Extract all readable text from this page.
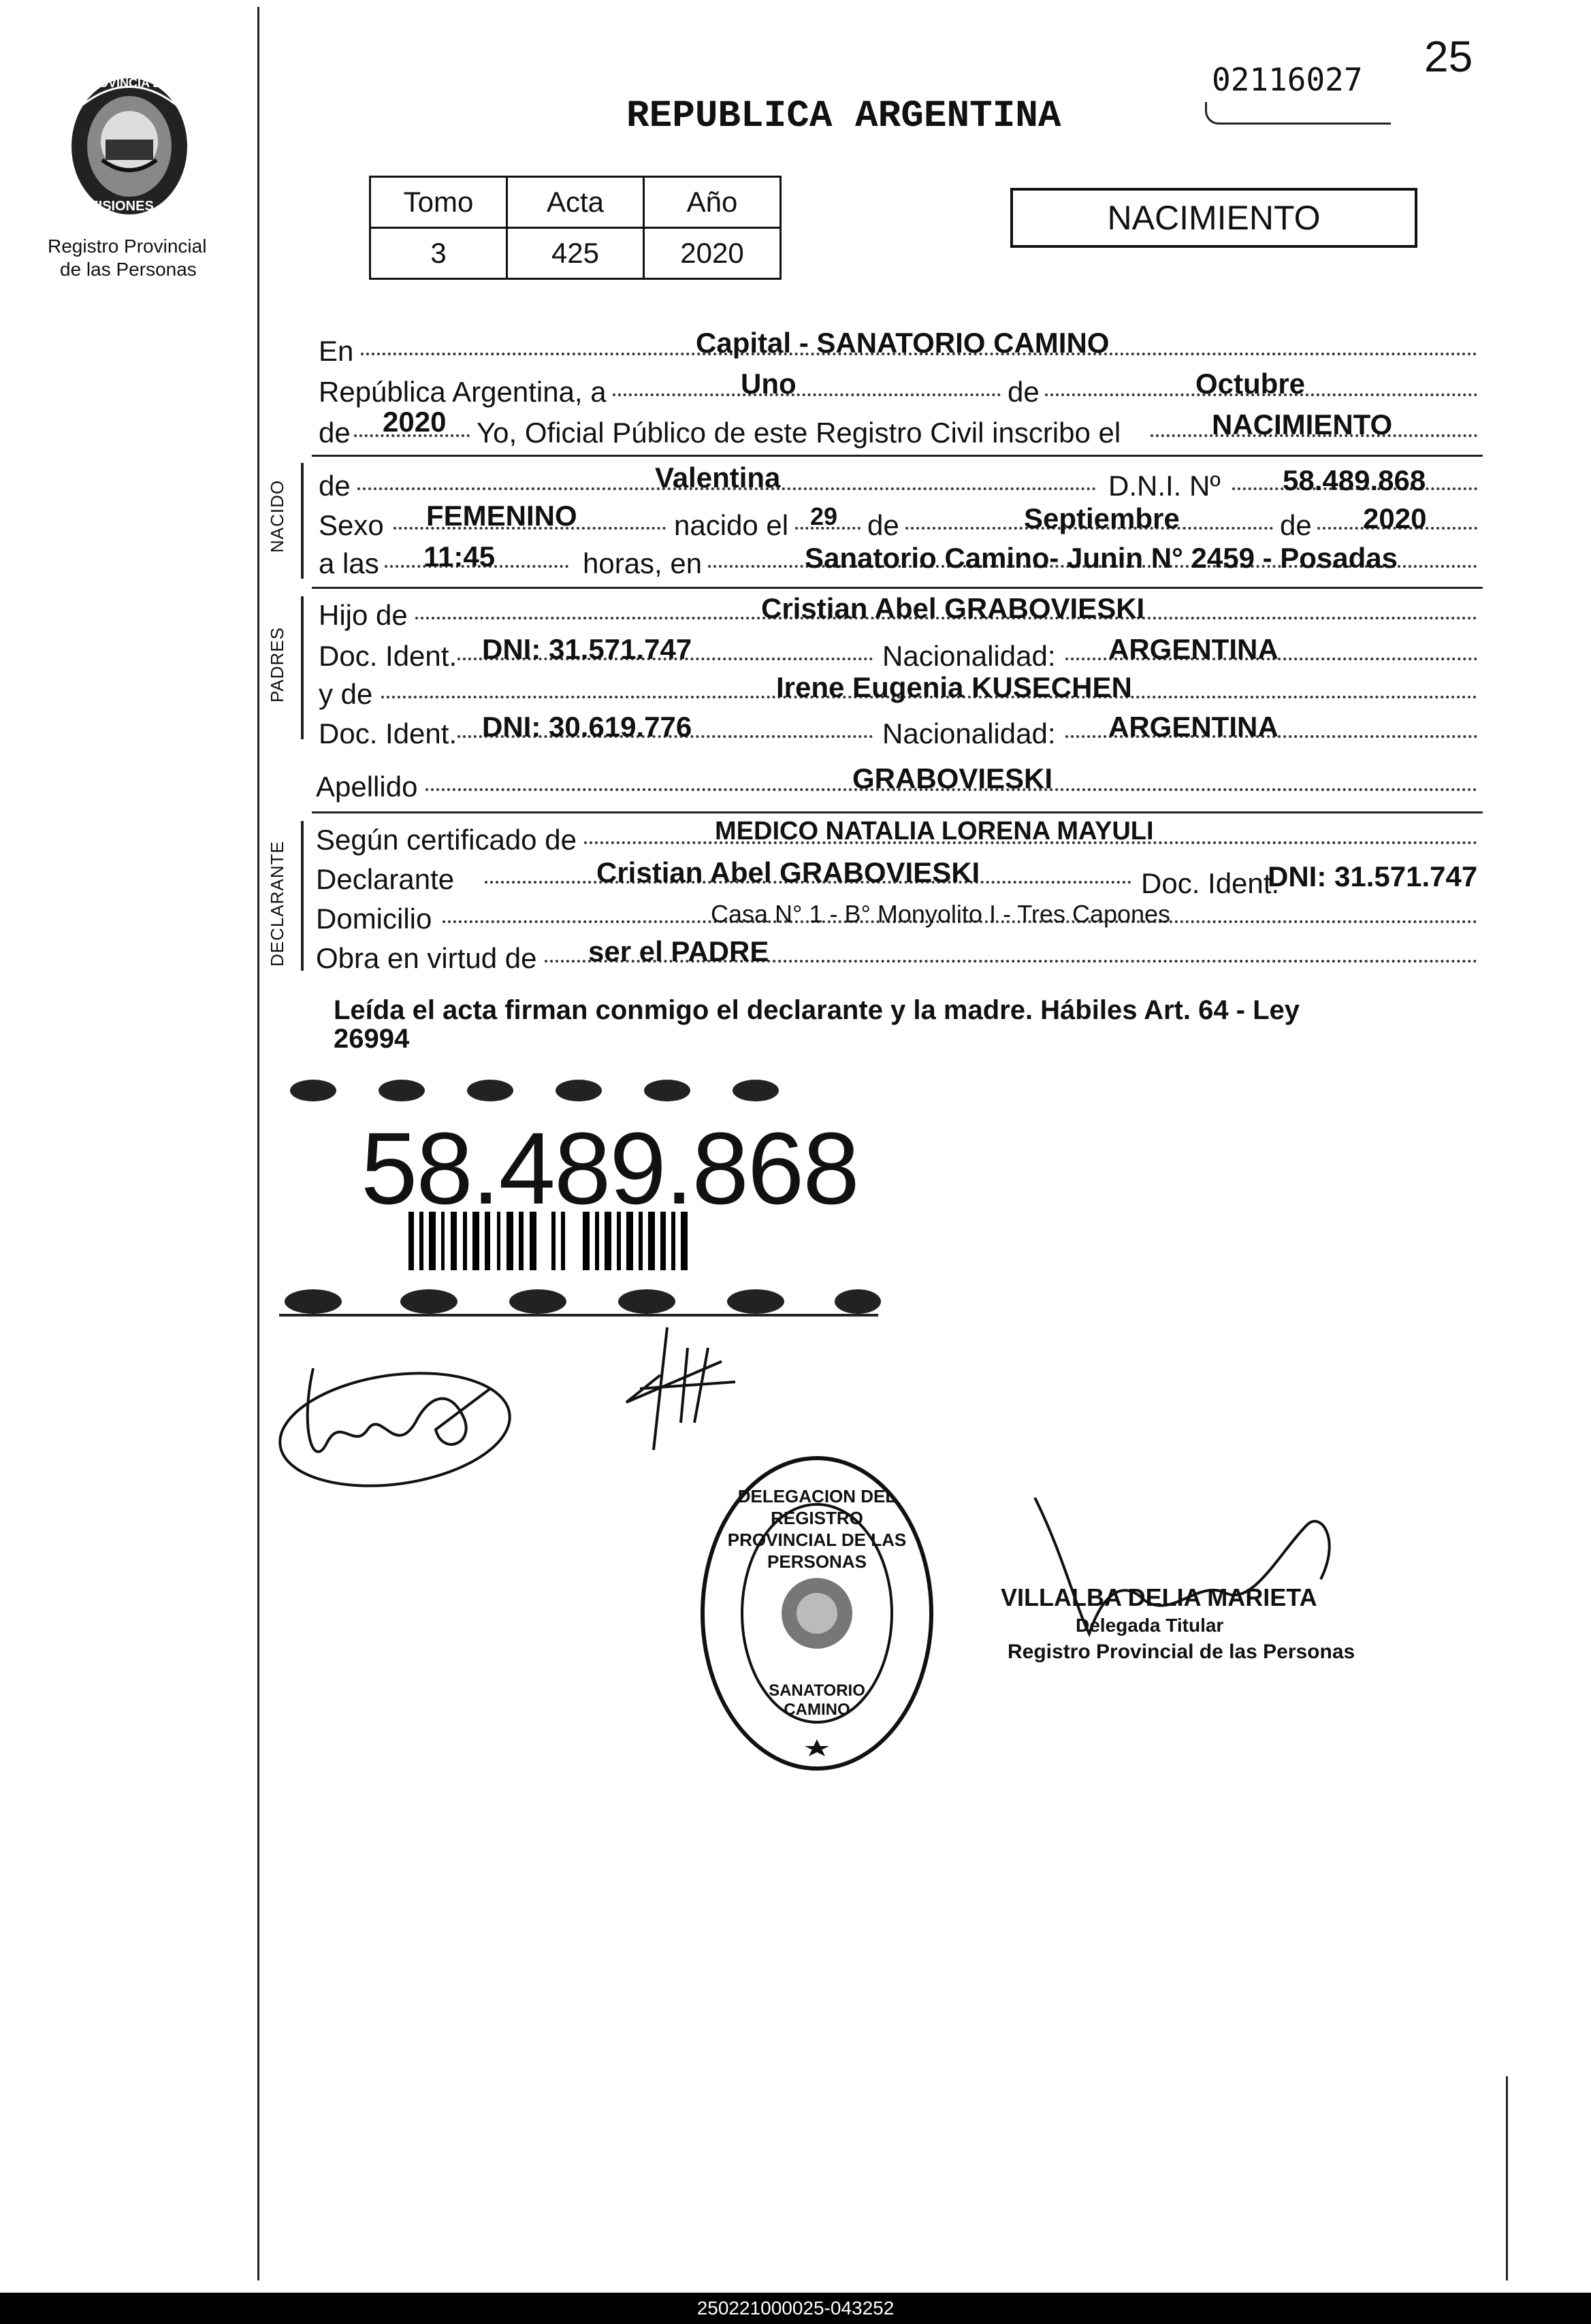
PROVINCIA DE
MISIONES
Registro Provincial
de las Personas
REPUBLICA ARGENTINA
02116027 25
Tomo	Acta	Año
3	425	2020
NACIMIENTO
En	Capital - SANATORIO CAMINO
República Argentina, a	Uno	de	Octubre
de 2020 Yo, Oficial Público de este Registro Civil inscribo el	NACIMIENTO
NACIDO de	Valentina	D.N.I. Nº 58.489.868
Sexo FEMENINO	nacido el 29 de	Septiembre	de 2020
a las 11:45	horas, en	Sanatorio Camino- Junin N° 2459 - Posadas
PADRES
Hijo de	Cristian Abel GRABOVIESKI
Doc. Ident. DNI: 31.571.747	Nacionalidad: ARGENTINA
y de	Irene Eugenia KUSECHEN
Doc. Ident. DNI: 30.619.776	Nacionalidad: ARGENTINA
Apellido	GRABOVIESKI
DECLARANTE
Según certificado de	MEDICO NATALIA LORENA MAYULI
Declarante	Cristian Abel GRABOVIESKI	Doc. Ident.
DNI: 31.571.747
Domicilio	Casa N° 1 - B° Monyolito I - Tres Capones
Obra en virtud de ser el PADRE
Leída el acta firman conmigo el declarante y la madre. Hábiles Art. 64 - Ley
26994
58.489.868
DELEGACION DEL REGISTRO PROVINCIAL DE LAS PERSONAS
SANATORIO CAMINO
VILLALBA DELIA MARIETA
Delegada Titular
Registro Provincial de las Personas
250221000025-043252
